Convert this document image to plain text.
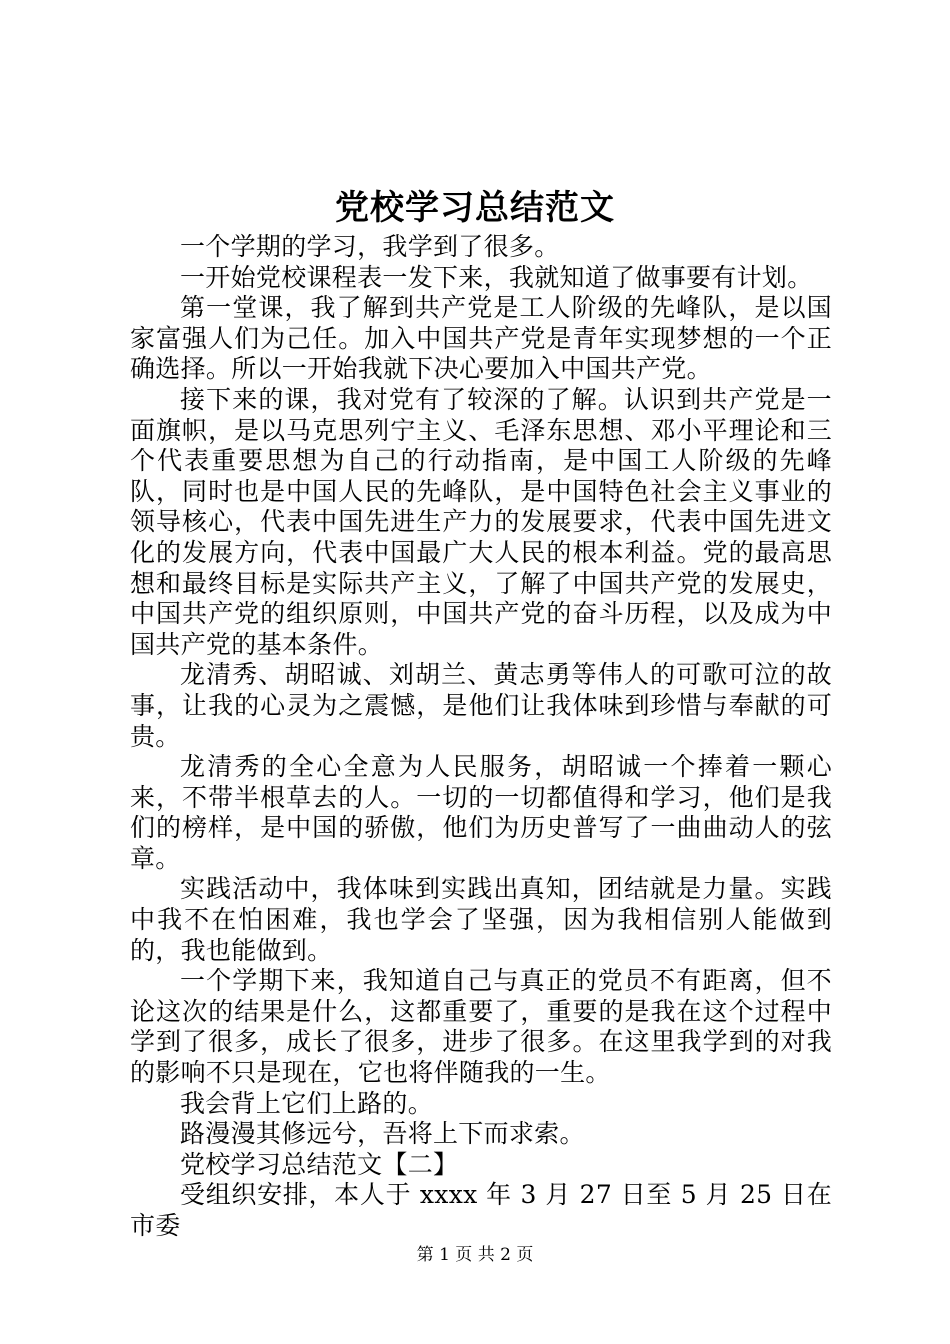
党校学习总结范文

一个学期的学习，我学到了很多。

一开始党校课程表一发下来，我就知道了做事要有计划。

第一堂课，我了解到共产党是工人阶级的先峰队，是以国家富强人们为己任。加入中国共产党是青年实现梦想的一个正确选择。所以一开始我就下决心要加入中国共产党。

接下来的课，我对党有了较深的了解。认识到共产党是一面旗帜，是以马克思列宁主义、毛泽东思想、邓小平理论和三个代表重要思想为自己的行动指南，是中国工人阶级的先峰队，同时也是中国人民的先峰队，是中国特色社会主义事业的领导核心，代表中国先进生产力的发展要求，代表中国先进文化的发展方向，代表中国最广大人民的根本利益。党的最高思想和最终目标是实际共产主义，了解了中国共产党的发展史，中国共产党的组织原则，中国共产党的奋斗历程，以及成为中国共产党的基本条件。

龙清秀、胡昭诚、刘胡兰、黄志勇等伟人的可歌可泣的故事，让我的心灵为之震憾，是他们让我体味到珍惜与奉献的可贵。

龙清秀的全心全意为人民服务，胡昭诚一个捧着一颗心来，不带半根草去的人。一切的一切都值得和学习，他们是我们的榜样，是中国的骄傲，他们为历史普写了一曲曲动人的弦章。

实践活动中，我体味到实践出真知，团结就是力量。实践中我不在怕困难，我也学会了坚强，因为我相信别人能做到的，我也能做到。

一个学期下来，我知道自己与真正的党员不有距离，但不论这次的结果是什么，这都重要了，重要的是我在这个过程中学到了很多，成长了很多，进步了很多。在这里我学到的对我的影响不只是现在，它也将伴随我的一生。

我会背上它们上路的。

路漫漫其修远兮，吾将上下而求索。

党校学习总结范文【二】

受组织安排，本人于 xxxx 年 3 月 27 日至 5 月 25 日在市委

第 1 页 共 2 页
